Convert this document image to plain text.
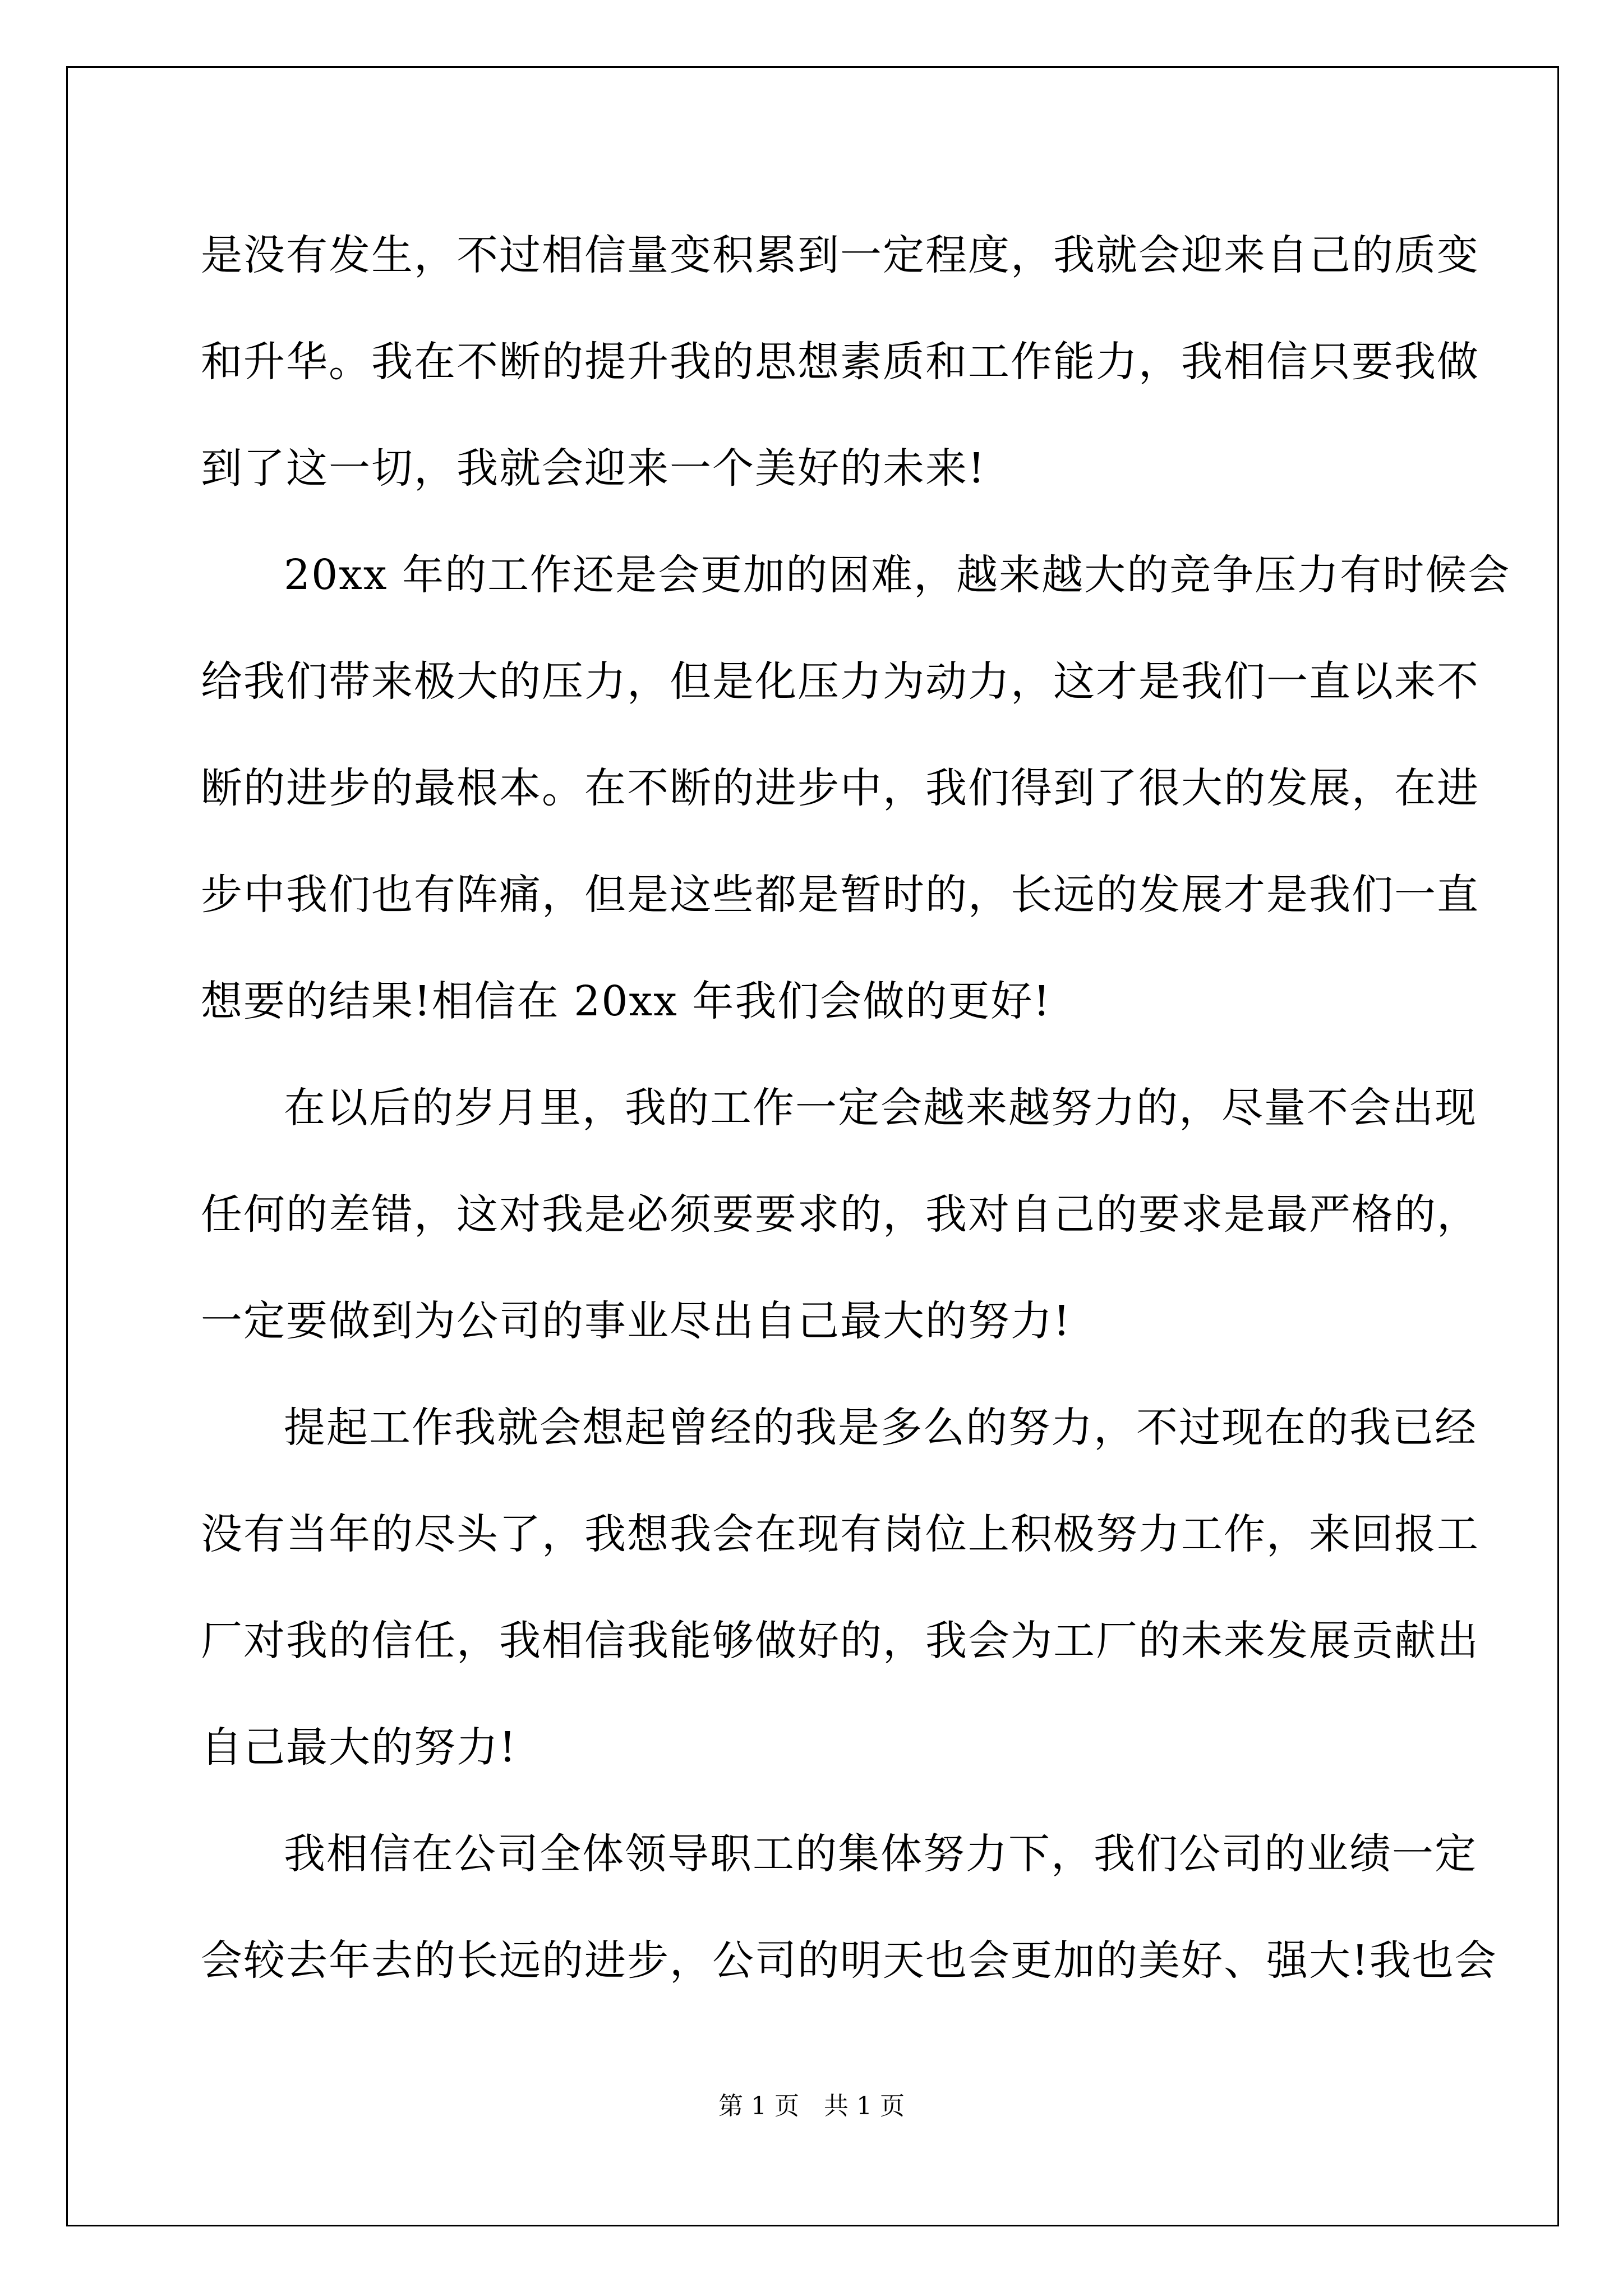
是没有发生，不过相信量变积累到一定程度，我就会迎来自己的质变
和升华。我在不断的提升我的思想素质和工作能力，我相信只要我做
到了这一切，我就会迎来一个美好的未来!
20xx 年的工作还是会更加的困难，越来越大的竞争压力有时候会
给我们带来极大的压力，但是化压力为动力，这才是我们一直以来不
断的进步的最根本。在不断的进步中，我们得到了很大的发展，在进
步中我们也有阵痛，但是这些都是暂时的，长远的发展才是我们一直
想要的结果!相信在 20xx 年我们会做的更好!
在以后的岁月里，我的工作一定会越来越努力的，尽量不会出现
任何的差错，这对我是必须要要求的，我对自己的要求是最严格的，
一定要做到为公司的事业尽出自己最大的努力!
提起工作我就会想起曾经的我是多么的努力，不过现在的我已经
没有当年的尽头了，我想我会在现有岗位上积极努力工作，来回报工
厂对我的信任，我相信我能够做好的，我会为工厂的未来发展贡献出
自己最大的努力!
我相信在公司全体领导职工的集体努力下，我们公司的业绩一定
会较去年去的长远的进步，公司的明天也会更加的美好、强大!我也会
第 1 页 共 1 页
